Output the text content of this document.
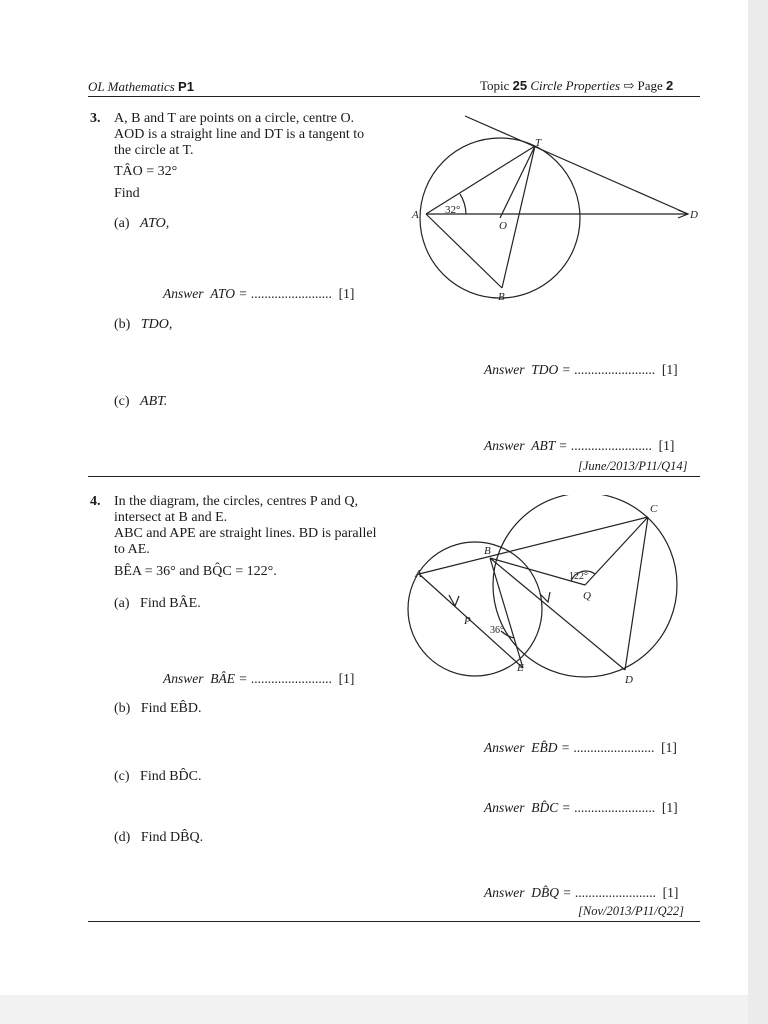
OL Mathematics P1	Topic 25 Circle Properties ⇨ Page 2
3. A, B and T are points on a circle, centre O.
AOD is a straight line and DT is a tangent to
the circle at T.
TÂO = 32°
Find
(a) ATO,
Answer ATO = ........................ [1]
(b) TDO,
Answer TDO = ........................ [1]
(c) ABT.
Answer ABT = ........................ [1]
[June/2013/P11/Q14]
A
B
T
O
D
32°
4. In the diagram, the circles, centres P and Q,
intersect at B and E.
ABC and APE are straight lines. BD is parallel
to AE.
BÊA = 36° and BQ̂C = 122°.
(a) Find BÂE.
Answer BÂE = ........................ [1]
(b) Find EB̂D.
Answer EB̂D = ........................ [1]
(c) Find BD̂C.
Answer BD̂C = ........................ [1]
(d) Find DB̂Q.
Answer DB̂Q = ........................ [1]
[Nov/2013/P11/Q22]
A
B
C
P
Q
E
D
122°
36°
